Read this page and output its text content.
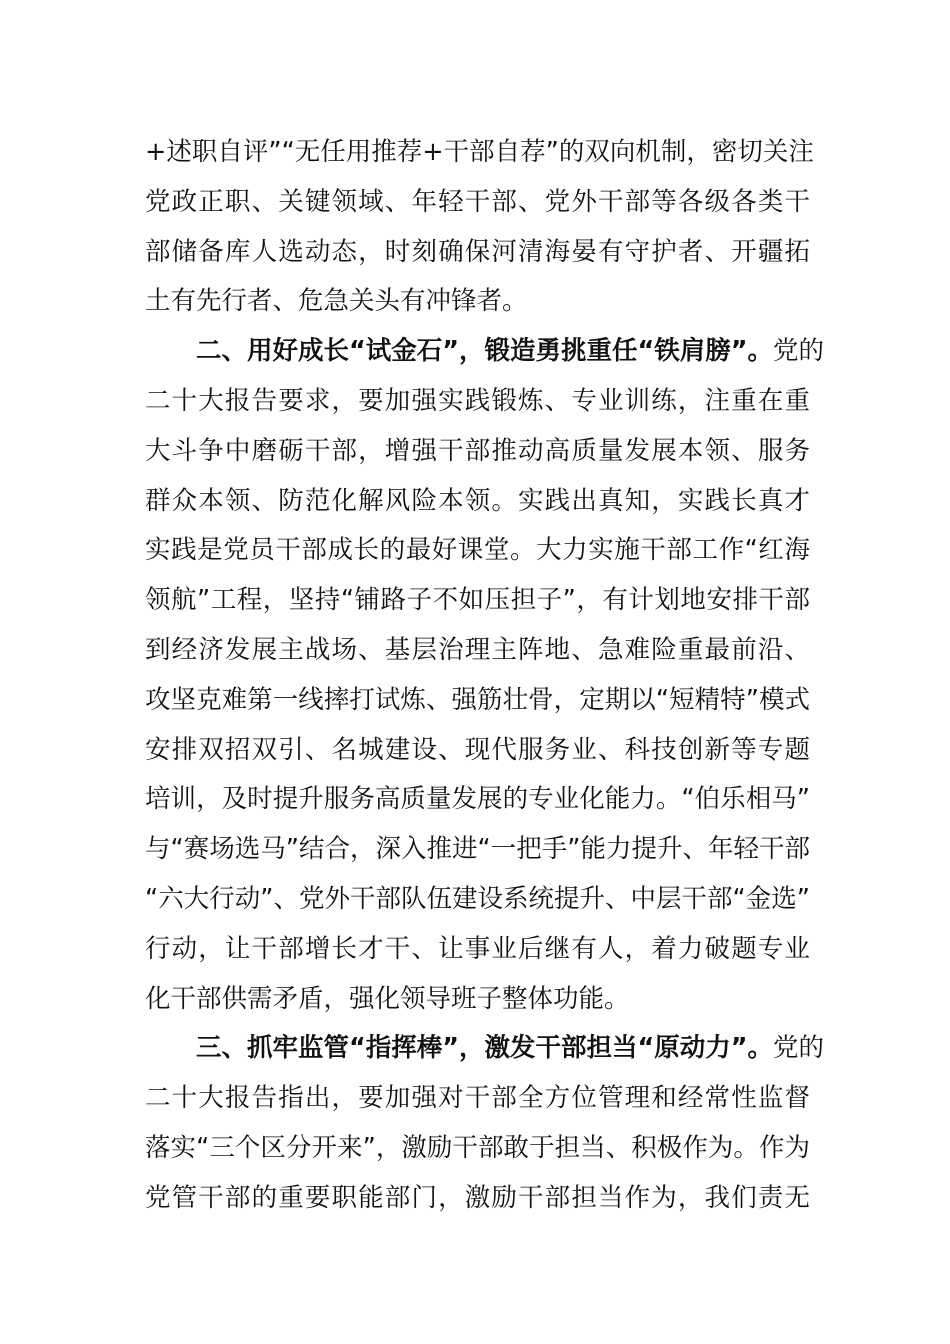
+述职自评”“无任用推荐+干部自荐”的双向机制，密切关注
党政正职、关键领域、年轻干部、党外干部等各级各类干
部储备库人选动态，时刻确保河清海晏有守护者、开疆拓
土有先行者、危急关头有冲锋者。
二、用好成长“试金石”，锻造勇挑重任“铁肩膀”。党的
二十大报告要求，要加强实践锻炼、专业训练，注重在重
大斗争中磨砺干部，增强干部推动高质量发展本领、服务
群众本领、防范化解风险本领。实践出真知，实践长真才
实践是党员干部成长的最好课堂。大力实施干部工作“红海
领航”工程，坚持“铺路子不如压担子”，有计划地安排干部
到经济发展主战场、基层治理主阵地、急难险重最前沿、
攻坚克难第一线摔打试炼、强筋壮骨，定期以“短精特”模式
安排双招双引、名城建设、现代服务业、科技创新等专题
培训，及时提升服务高质量发展的专业化能力。“伯乐相马”
与“赛场选马”结合，深入推进“一把手”能力提升、年轻干部
“六大行动”、党外干部队伍建设系统提升、中层干部“金选”
行动，让干部增长才干、让事业后继有人，着力破题专业
化干部供需矛盾，强化领导班子整体功能。
三、抓牢监管“指挥棒”，激发干部担当“原动力”。党的
二十大报告指出，要加强对干部全方位管理和经常性监督
落实“三个区分开来”，激励干部敢于担当、积极作为。作为
党管干部的重要职能部门，激励干部担当作为，我们责无
